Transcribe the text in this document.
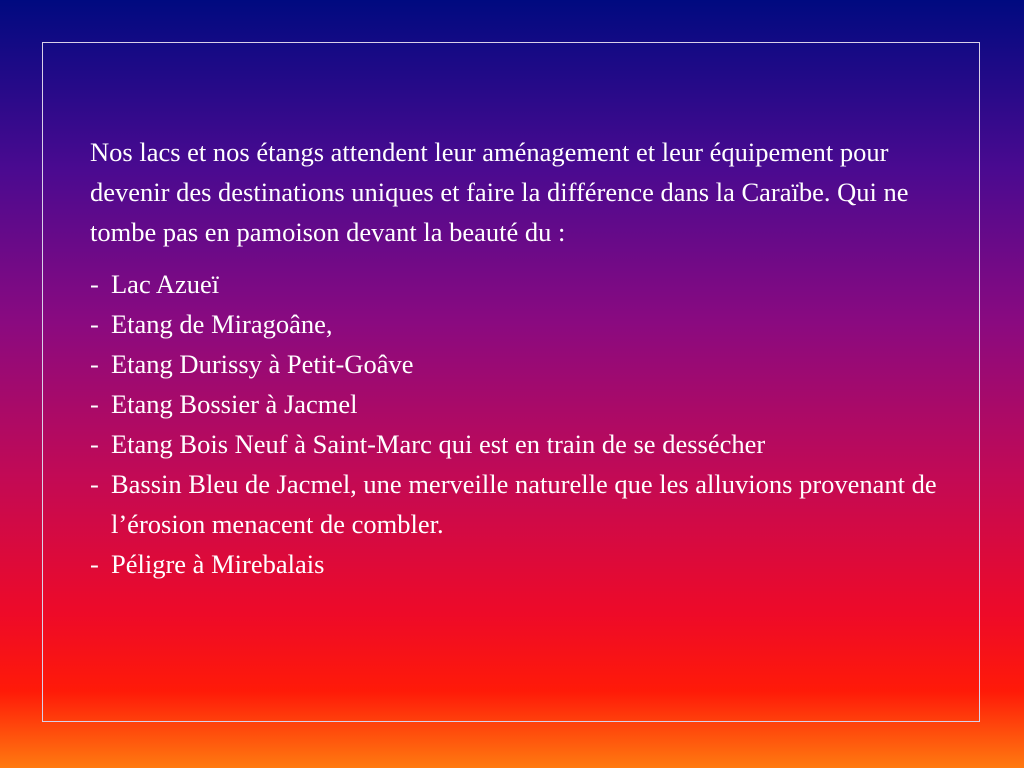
Nos lacs et nos étangs attendent leur aménagement et leur équipement pour devenir des destinations uniques et faire la différence dans la Caraïbe. Qui ne tombe pas en pamoison devant la beauté du :

- Lac Azueï
- Etang de Miragoâne,
- Etang Durissy à Petit-Goâve
- Etang Bossier à Jacmel
- Etang Bois Neuf à Saint-Marc qui est en train de se dessécher
- Bassin Bleu de Jacmel, une merveille naturelle que les alluvions provenant de l’érosion menacent de combler.
- Péligre à Mirebalais
